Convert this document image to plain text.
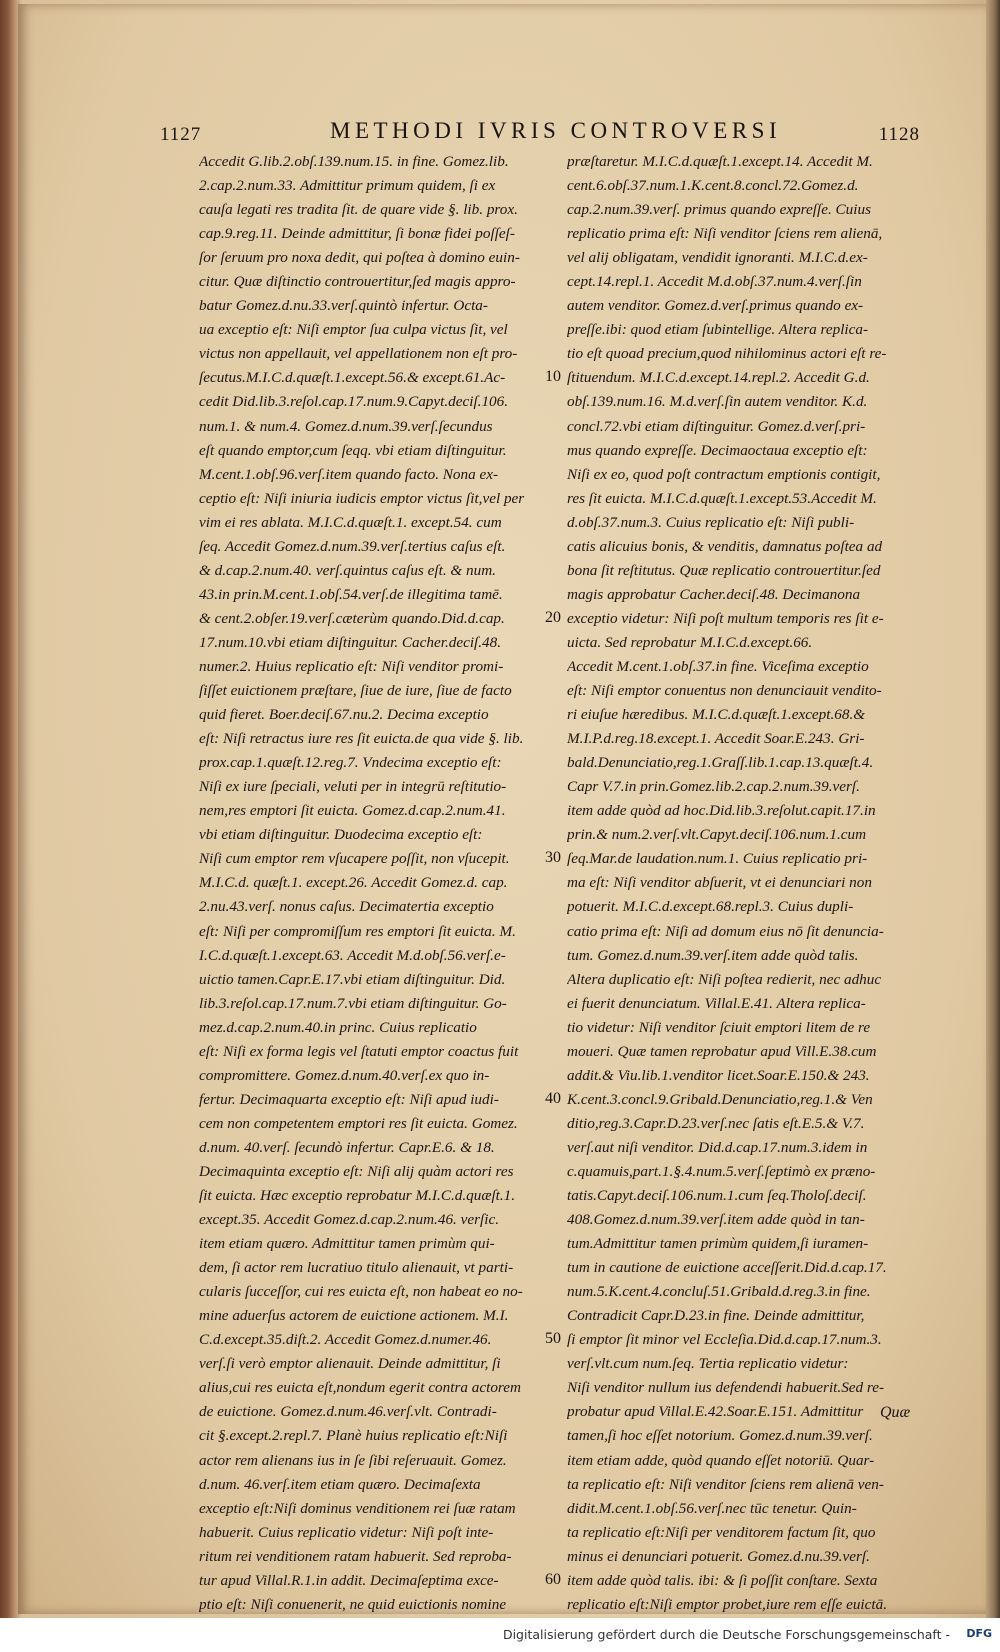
1127	METHODI IVRIS CONTROVERSI	1128
Accedit G.lib.2.obſ.139.num.15. in fine. Gomez.lib.
2.cap.2.num.33. Admittitur primum quidem, ſi ex
cauſa legati res tradita ſit. de quare vide §. lib. prox.
cap.9.reg.11. Deinde admittitur, ſi bonæ fidei poſſeſ-
ſor ſeruum pro noxa dedit, qui poſtea à domino euin-
citur. Quæ diſtinctio controuertitur,ſed magis appro-
batur Gomez.d.nu.33.verſ.quintò infertur. Octa-
ua exceptio eſt: Niſi emptor ſua culpa victus ſit, vel
victus non appellauit, vel appellationem non eſt pro-
ſecutus.M.I.C.d.quæſt.1.except.56.& except.61.Ac-
cedit Did.lib.3.reſol.cap.17.num.9.Capyt.deciſ.106.
num.1. & num.4. Gomez.d.num.39.verſ.ſecundus
eſt quando emptor,cum ſeqq. vbi etiam diſtinguitur.
M.cent.1.obſ.96.verſ.item quando facto. Nona ex-
ceptio eſt: Niſi iniuria iudicis emptor victus ſit,vel per
vim ei res ablata. M.I.C.d.quæſt.1. except.54. cum
ſeq. Accedit Gomez.d.num.39.verſ.tertius caſus eſt.
& d.cap.2.num.40. verſ.quintus caſus eſt. & num.
43.in prin.M.cent.1.obſ.54.verſ.de illegitima tamē.
& cent.2.obſer.19.verſ.cæterùm quando.Did.d.cap.
17.num.10.vbi etiam diſtinguitur. Cacher.deciſ.48.
numer.2. Huius replicatio eſt: Niſi venditor promi-
ſiſſet euictionem præſtare, ſiue de iure, ſiue de facto
quid fieret. Boer.deciſ.67.nu.2. Decima exceptio
eſt: Niſi retractus iure res ſit euicta.de qua vide §. lib.
prox.cap.1.quæſt.12.reg.7. Vndecima exceptio eſt:
Niſi ex iure ſpeciali, veluti per in integrū reſtitutio-
nem,res emptori ſit euicta. Gomez.d.cap.2.num.41.
vbi etiam diſtinguitur. Duodecima exceptio eſt:
Niſi cum emptor rem vſucapere poſſit, non vſucepit.
M.I.C.d. quæſt.1. except.26. Accedit Gomez.d. cap.
2.nu.43.verſ. nonus caſus. Decimatertia exceptio
eſt: Niſi per compromiſſum res emptori ſit euicta. M.
I.C.d.quæſt.1.except.63. Accedit M.d.obſ.56.verſ.e-
uictio tamen.Capr.E.17.vbi etiam diſtinguitur. Did.
lib.3.reſol.cap.17.num.7.vbi etiam diſtinguitur. Go-
mez.d.cap.2.num.40.in princ. Cuius replicatio
eſt: Niſi ex forma legis vel ſtatuti emptor coactus fuit
compromittere. Gomez.d.num.40.verſ.ex quo in-
fertur. Decimaquarta exceptio eſt: Niſi apud iudi-
cem non competentem emptori res ſit euicta. Gomez.
d.num. 40.verſ. ſecundò infertur. Capr.E.6. & 18.
Decimaquinta exceptio eſt: Niſi alij quàm actori res
ſit euicta. Hæc exceptio reprobatur M.I.C.d.quæſt.1.
except.35. Accedit Gomez.d.cap.2.num.46. verſic.
item etiam quæro. Admittitur tamen primùm qui-
dem, ſi actor rem lucratiuo titulo alienauit, vt parti-
cularis ſucceſſor, cui res euicta eſt, non habeat eo no-
mine aduerſus actorem de euictione actionem. M.I.
C.d.except.35.diſt.2. Accedit Gomez.d.numer.46.
verſ.ſi verò emptor alienauit. Deinde admittitur, ſi
alius,cui res euicta eſt,nondum egerit contra actorem
de euictione. Gomez.d.num.46.verſ.vlt. Contradi-
cit §.except.2.repl.7. Planè huius replicatio eſt:Niſi
actor rem alienans ius in ſe ſibi reſeruauit. Gomez.
d.num. 46.verſ.item etiam quæro. Decimaſexta
exceptio eſt:Niſi dominus venditionem rei ſuæ ratam
habuerit. Cuius replicatio videtur: Niſi poſt inte-
ritum rei venditionem ratam habuerit. Sed reproba-
tur apud Villal.R.1.in addit. Decimaſeptima exce-
ptio eſt: Niſi conuenerit, ne quid euictionis nomine
10
20
30
40
50
60
præſtaretur. M.I.C.d.quæſt.1.except.14. Accedit M.
cent.6.obſ.37.num.1.K.cent.8.concl.72.Gomez.d.
cap.2.num.39.verſ. primus quando expreſſe. Cuius
replicatio prima eſt: Niſi venditor ſciens rem alienā,
vel alij obligatam, vendidit ignoranti. M.I.C.d.ex-
cept.14.repl.1. Accedit M.d.obſ.37.num.4.verſ.ſin
autem venditor. Gomez.d.verſ.primus quando ex-
preſſe.ibi: quod etiam ſubintellige. Altera replica-
tio eſt quoad precium,quod nihilominus actori eſt re-
ſtituendum. M.I.C.d.except.14.repl.2. Accedit G.d.
obſ.139.num.16. M.d.verſ.ſin autem venditor. K.d.
concl.72.vbi etiam diſtinguitur. Gomez.d.verſ.pri-
mus quando expreſſe. Decimaoctaua exceptio eſt:
Niſi ex eo, quod poſt contractum emptionis contigit,
res ſit euicta. M.I.C.d.quæſt.1.except.53.Accedit M.
d.obſ.37.num.3. Cuius replicatio eſt: Niſi publi-
catis alicuius bonis, & venditis, damnatus poſtea ad
bona ſit reſtitutus. Quæ replicatio controuertitur.ſed
magis approbatur Cacher.deciſ.48. Decimanona
exceptio videtur: Niſi poſt multum temporis res ſit e-
uicta. Sed reprobatur M.I.C.d.except.66.
Accedit M.cent.1.obſ.37.in fine. Viceſima exceptio
eſt: Niſi emptor conuentus non denunciauit vendito-
ri eiuſue hæredibus. M.I.C.d.quæſt.1.except.68.&
M.I.P.d.reg.18.except.1. Accedit Soar.E.243. Gri-
bald.Denunciatio,reg.1.Graſſ.lib.1.cap.13.quæſt.4.
Capr V.7.in prin.Gomez.lib.2.cap.2.num.39.verſ.
item adde quòd ad hoc.Did.lib.3.reſolut.capit.17.in
prin.& num.2.verſ.vlt.Capyt.deciſ.106.num.1.cum
ſeq.Mar.de laudation.num.1. Cuius replicatio pri-
ma eſt: Niſi venditor abſuerit, vt ei denunciari non
potuerit. M.I.C.d.except.68.repl.3. Cuius dupli-
catio prima eſt: Niſi ad domum eius nō ſit denuncia-
tum. Gomez.d.num.39.verſ.item adde quòd talis.
Altera duplicatio eſt: Niſi poſtea redierit, nec adhuc
ei fuerit denunciatum. Villal.E.41. Altera replica-
tio videtur: Niſi venditor ſciuit emptori litem de re
moueri. Quæ tamen reprobatur apud Vill.E.38.cum
addit.& Viu.lib.1.venditor licet.Soar.E.150.& 243.
K.cent.3.concl.9.Gribald.Denunciatio,reg.1.& Ven
ditio,reg.3.Capr.D.23.verſ.nec ſatis eſt.E.5.& V.7.
verſ.aut niſi venditor. Did.d.cap.17.num.3.idem in
c.quamuis,part.1.§.4.num.5.verſ.ſeptimò ex præno-
tatis.Capyt.deciſ.106.num.1.cum ſeq.Tholoſ.deciſ.
408.Gomez.d.num.39.verſ.item adde quòd in tan-
tum.Admittitur tamen primùm quidem,ſi iuramen-
tum in cautione de euictione acceſſerit.Did.d.cap.17.
num.5.K.cent.4.concluſ.51.Gribald.d.reg.3.in fine.
Contradicit Capr.D.23.in fine. Deinde admittitur,
ſi emptor ſit minor vel Eccleſia.Did.d.cap.17.num.3.
verſ.vlt.cum num.ſeq. Tertia replicatio videtur:
Niſi venditor nullum ius defendendi habuerit.Sed re-
probatur apud Villal.E.42.Soar.E.151. Admittitur
tamen,ſi hoc eſſet notorium. Gomez.d.num.39.verſ.
item etiam adde, quòd quando eſſet notoriū. Quar-
ta replicatio eſt: Niſi venditor ſciens rem alienā ven-
didit.M.cent.1.obſ.56.verſ.nec tūc tenetur. Quin-
ta replicatio eſt:Niſi per venditorem factum ſit, quo
minus ei denunciari potuerit. Gomez.d.nu.39.verſ.
item adde quòd talis. ibi: & ſi poſſit conſtare. Sexta
replicatio eſt:Niſi emptor probet,iure rem eſſe euictā.
Quæ
Digitalisierung gefördert durch die Deutsche Forschungsgemeinschaft -	DFG
